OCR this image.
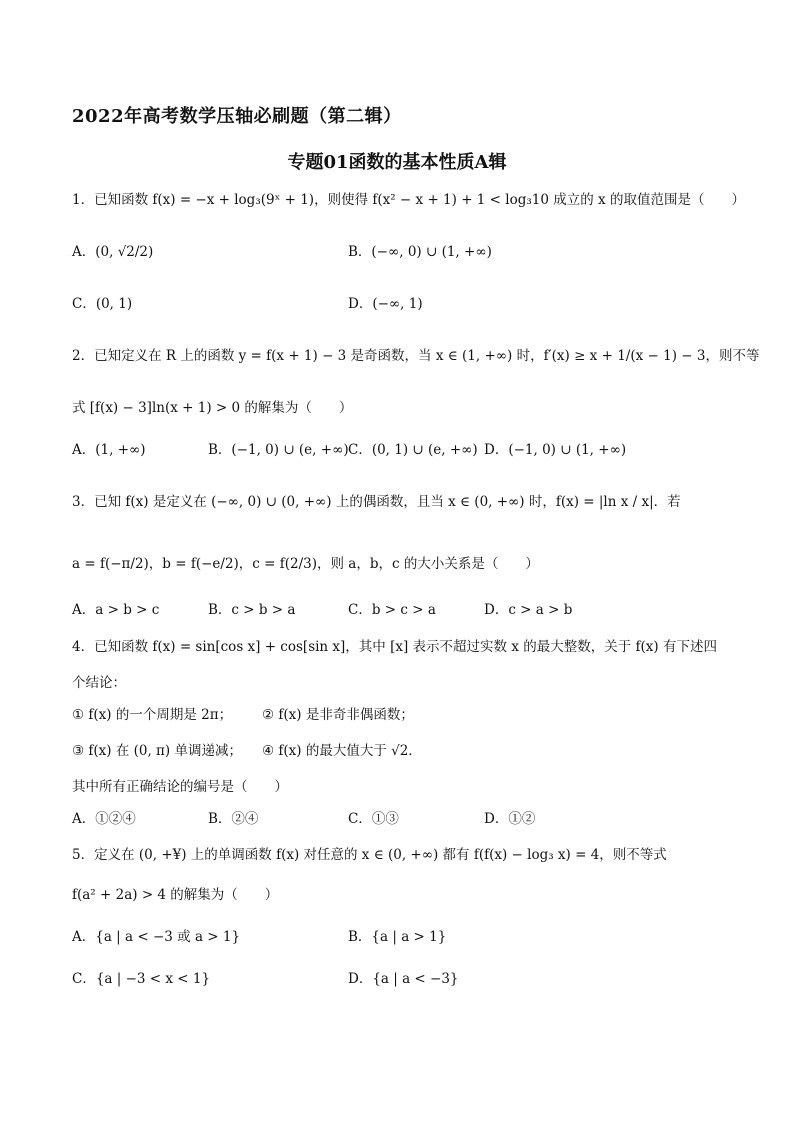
2022年高考数学压轴必刷题（第二辑）
专题01函数的基本性质A辑
1．已知函数 f(x) = −x + log₃(9ˣ + 1)，则使得 f(x² − x + 1) + 1 < log₃10 成立的 x 的取值范围是（　　）
A．(0, √2/2)	B．(−∞, 0) ∪ (1, +∞)
C．(0, 1)	D．(−∞, 1)
2．已知定义在 R 上的函数 y = f(x + 1) − 3 是奇函数，当 x ∈ (1, +∞) 时，f′(x) ≥ x + 1/(x − 1) − 3，则不等
式 [f(x) − 3]ln(x + 1) > 0 的解集为（　　）
A．(1, +∞)	B．(−1, 0) ∪ (e, +∞) C．(0, 1) ∪ (e, +∞) D．(−1, 0) ∪ (1, +∞)
3．已知 f(x) 是定义在 (−∞, 0) ∪ (0, +∞) 上的偶函数，且当 x ∈ (0, +∞) 时，f(x) = |ln x / x|．若
a = f(−π/2)，b = f(−e/2)，c = f(2/3)，则 a，b，c 的大小关系是（　　）
A．a > b > c	B．c > b > a	C．b > c > a	D．c > a > b
4．已知函数 f(x) = sin[cos x] + cos[sin x]，其中 [x] 表示不超过实数 x 的最大整数，关于 f(x) 有下述四
个结论：
① f(x) 的一个周期是 2π； ② f(x) 是非奇非偶函数；
③ f(x) 在 (0, π) 单调递减； ④ f(x) 的最大值大于 √2．
其中所有正确结论的编号是（　　）
A．①②④	B．②④	C．①③	D．①②
5．定义在 (0, +¥) 上的单调函数 f(x) 对任意的 x ∈ (0, +∞) 都有 f(f(x) − log₃ x) = 4，则不等式
f(a² + 2a) > 4 的解集为（　　）
A．{a | a < −3 或 a > 1}	B．{a | a > 1}
C．{a | −3 < x < 1}	D．{a | a < −3}
